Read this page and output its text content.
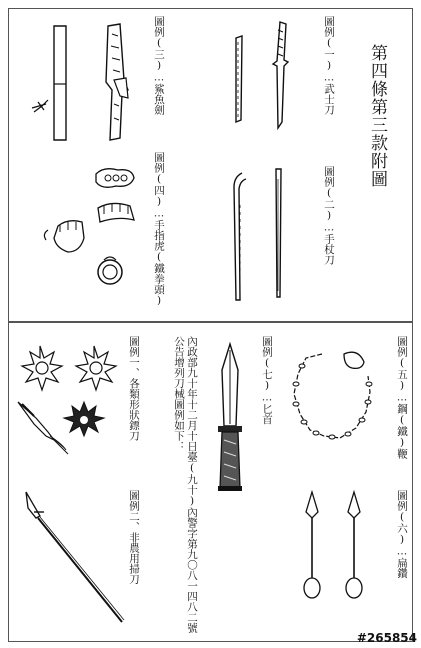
第四條第三款附圖
圖例(一)…武士刀
圖例(二)…手杖刀
圖例(三)…鯊魚劍
圖例(四)…手指虎(鐵拳頭)
圖例(五)…鋼(鐵)鞭
圖例(六)…扁鑽
圖例(七)…匕首
內政部九十年十二月十日臺(九十)內警字第九〇八一四八二號公告增列刀械圖例如下：
圖例一、各類形狀鏢刀
圖例二、非農用掃刀
#265854
